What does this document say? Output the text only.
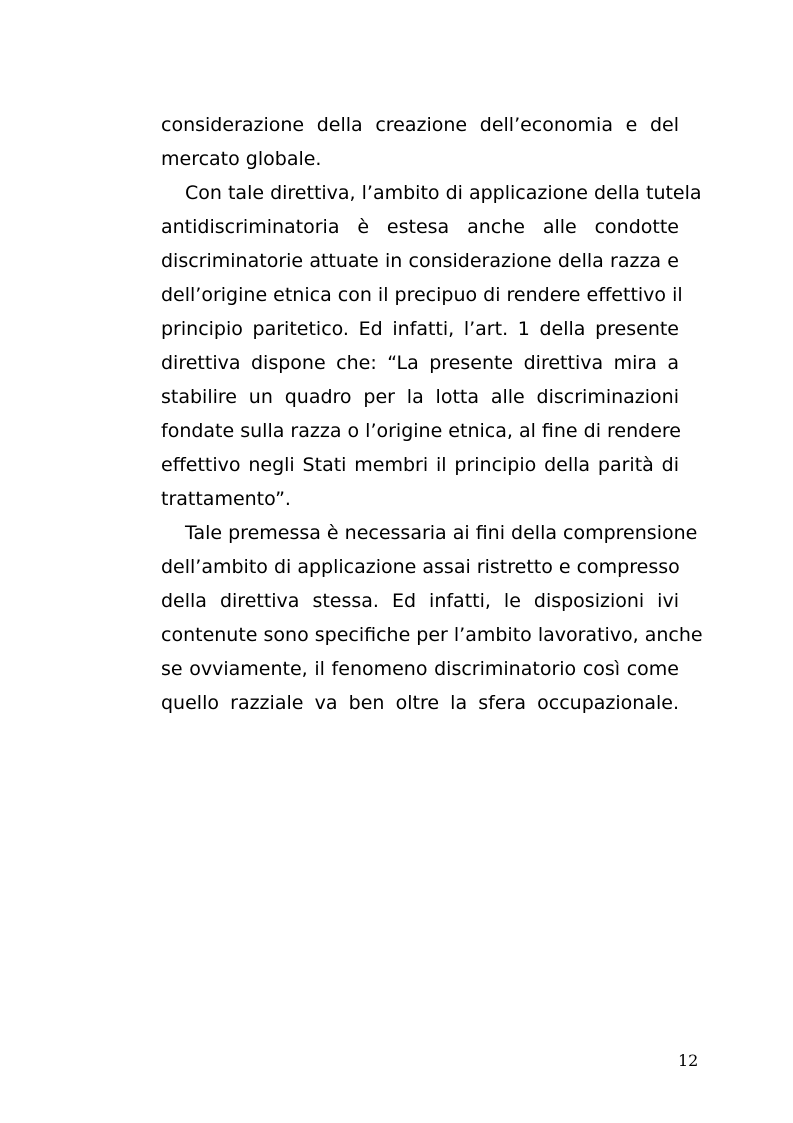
considerazione della creazione dell’economia e del
mercato globale.
Con tale direttiva, l’ambito di applicazione della tutela
antidiscriminatoria è estesa anche alle condotte
discriminatorie attuate in considerazione della razza e
dell’origine etnica con il precipuo di rendere effettivo il
principio paritetico. Ed infatti, l’art. 1 della presente
direttiva dispone che: “La presente direttiva mira a
stabilire un quadro per la lotta alle discriminazioni
fondate sulla razza o l’origine etnica, al fine di rendere
effettivo negli Stati membri il principio della parità di
trattamento”.
Tale premessa è necessaria ai fini della comprensione
dell’ambito di applicazione assai ristretto e compresso
della direttiva stessa. Ed infatti, le disposizioni ivi
contenute sono specifiche per l’ambito lavorativo, anche
se ovviamente, il fenomeno discriminatorio così come
quello razziale va ben oltre la sfera occupazionale.
12
